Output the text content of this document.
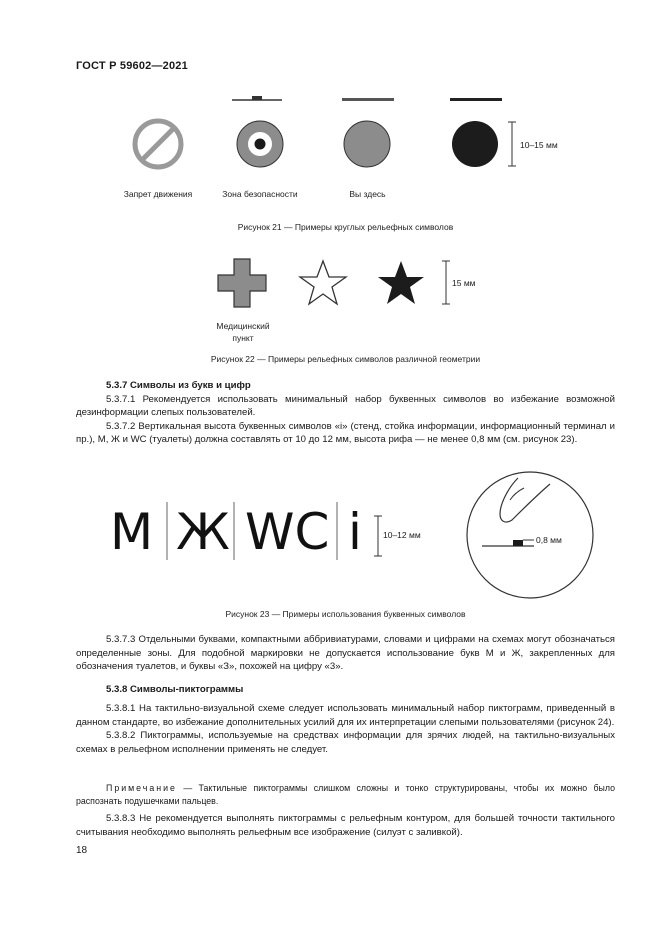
ГОСТ Р 59602—2021
10–15 мм
Запрет движения	Зона безопасности	Вы здесь
Рисунок 21 — Примеры круглых рельефных символов
15 мм
Медицинский пункт
Рисунок 22 — Примеры рельефных символов различной геометрии

5.3.7 Символы из букв и цифр

5.3.7.1 Рекомендуется использовать минимальный набор буквенных символов во избежание возможной дезинформации слепых пользователей.

5.3.7.2 Вертикальная высота буквенных символов «i» (стенд, стойка информации, информационный терминал и пр.), М, Ж и WC (туалеты) должна составлять от 10 до 12 мм, высота рифа — не менее 0,8 мм (см. рисунок 23).

М Ж WC i 10–12 мм	0,8 мм
Рисунок 23 — Примеры использования буквенных символов

5.3.7.3 Отдельными буквами, компактными аббривиатурами, словами и цифрами на схемах могут обозначаться определенные зоны. Для подобной маркировки не допускается использование букв М и Ж, закрепленных для обозначения туалетов, и буквы «З», похожей на цифру «3».

5.3.8 Символы-пиктограммы

5.3.8.1 На тактильно-визуальной схеме следует использовать минимальный набор пиктограмм, приведенный в данном стандарте, во избежание дополнительных усилий для их интерпретации слепыми пользователями (рисунок 24).

5.3.8.2 Пиктограммы, используемые на средствах информации для зрячих людей, на тактильно-визуальных схемах в рельефном исполнении применять не следует.

Примечание — Тактильные пиктограммы слишком сложны и тонко структурированы, чтобы их можно было распознать подушечками пальцев.

5.3.8.3 Не рекомендуется выполнять пиктограммы с рельефным контуром, для большей точности тактильного считывания необходимо выполнять рельефным все изображение (силуэт с заливкой).

18
